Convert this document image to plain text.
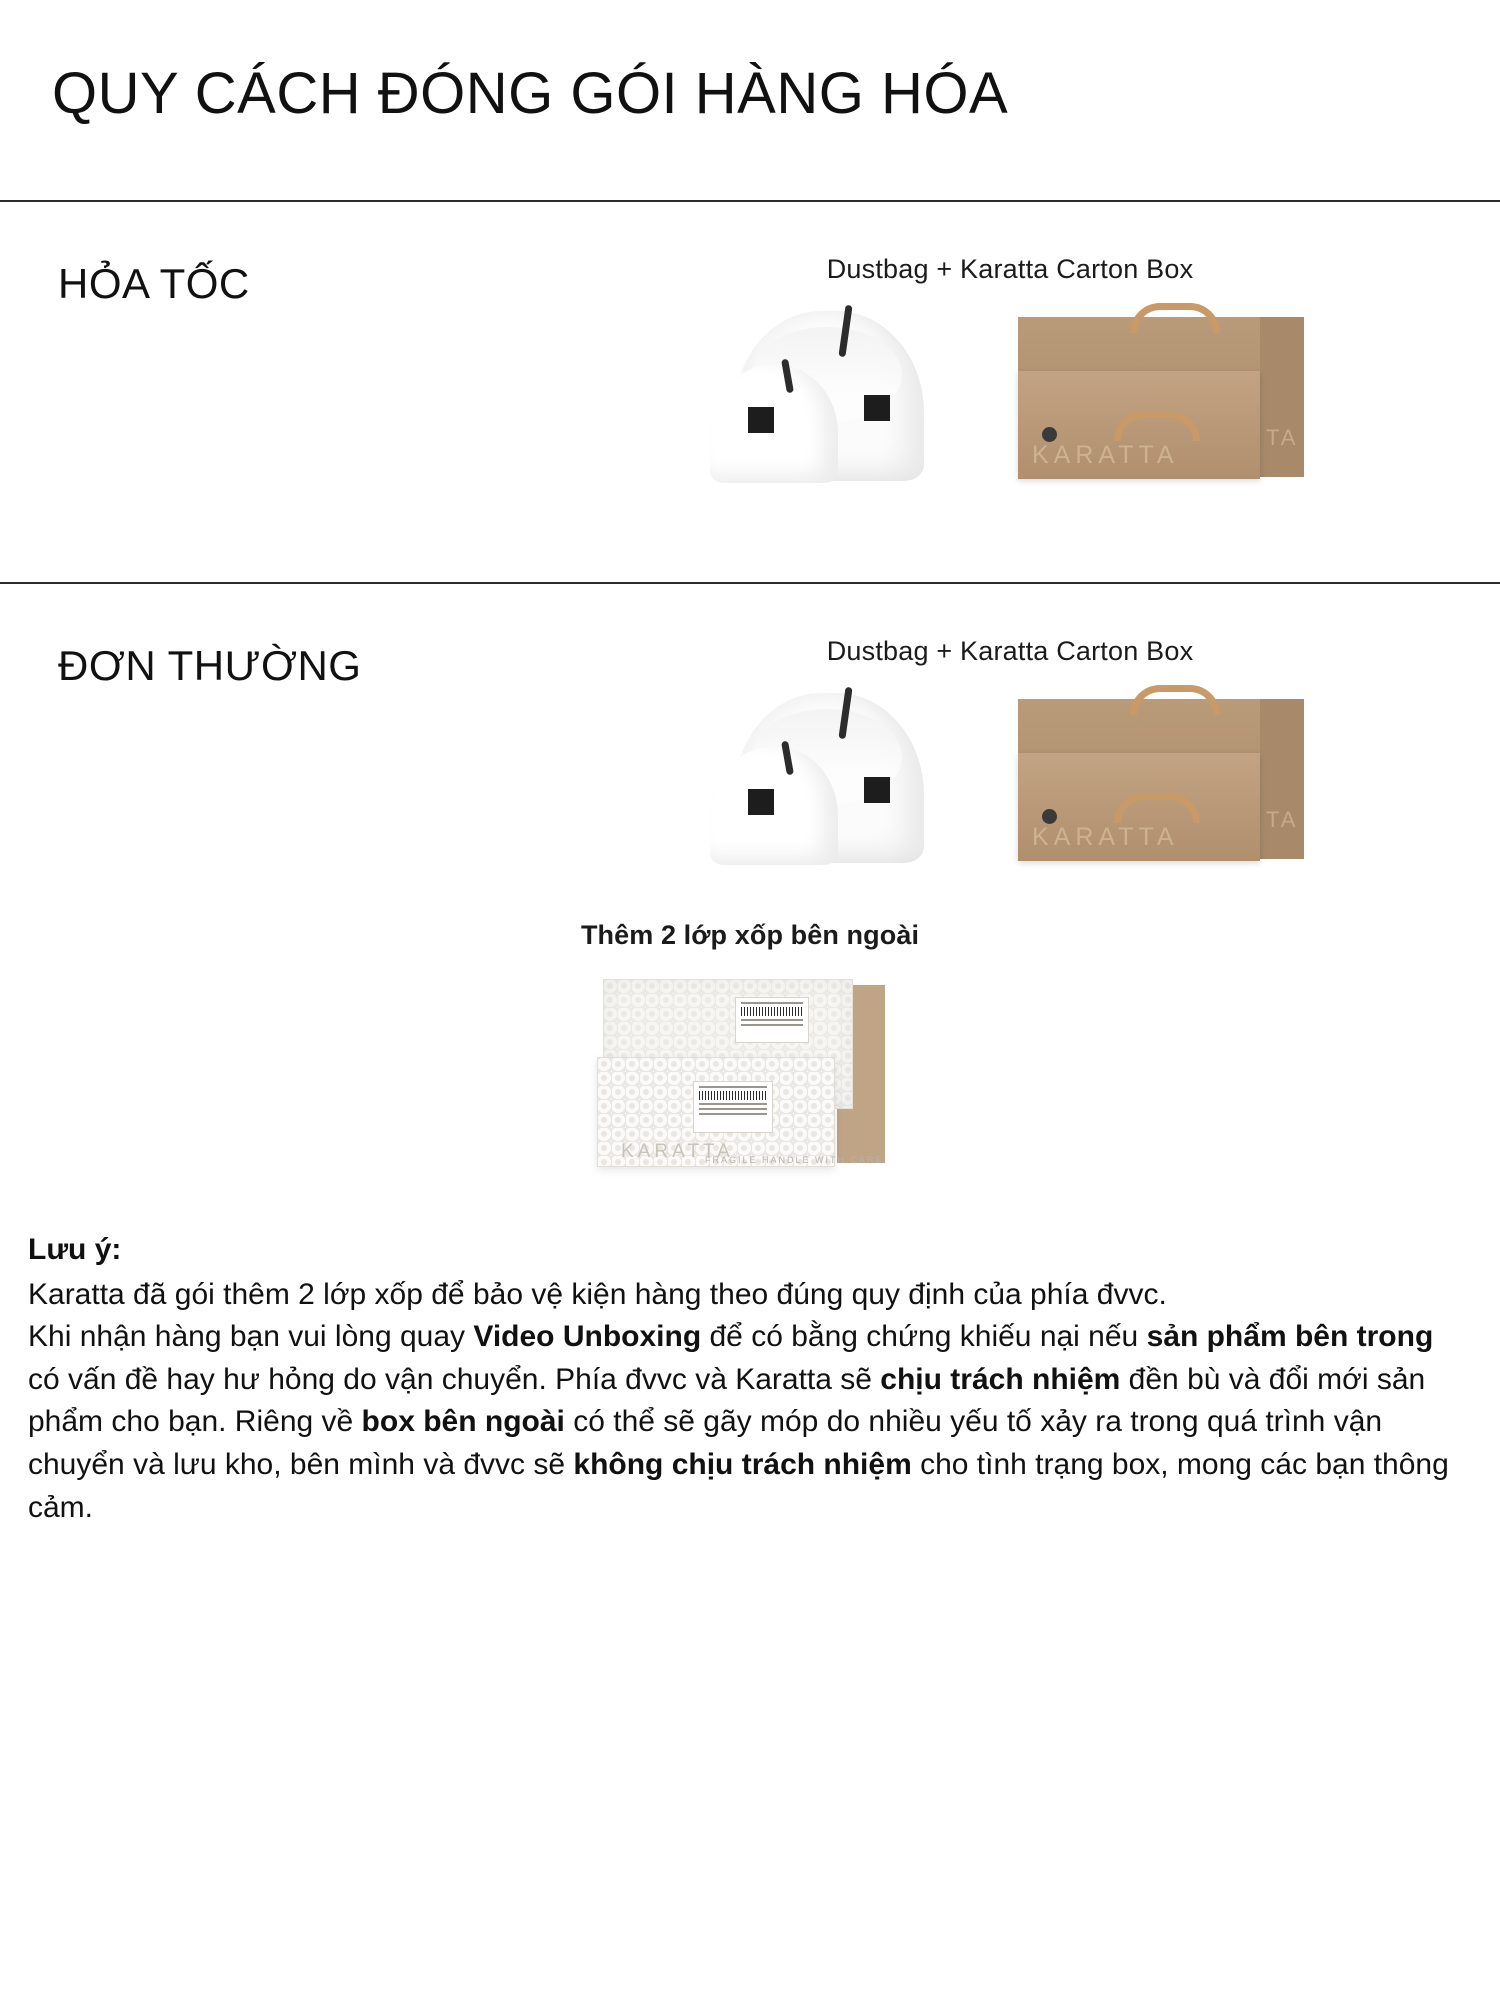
QUY CÁCH ĐÓNG GÓI HÀNG HÓA
HỎA TỐC	Dustbag + Karatta Carton Box
KARATTA
TA
ĐƠN THƯỜNG	Dustbag + Karatta Carton Box
KARATTA
TA
Thêm 2 lớp xốp bên ngoài
KARATTA
FRAGILE HANDLE WITH CARE
Lưu ý:

Karatta đã gói thêm 2 lớp xốp để bảo vệ kiện hàng theo đúng quy định của phía đvvc.

Khi nhận hàng bạn vui lòng quay Video Unboxing để có bằng chứng khiếu nại nếu sản phẩm bên trong có vấn đề hay hư hỏng do vận chuyển. Phía đvvc và Karatta sẽ chịu trách nhiệm đền bù và đổi mới sản phẩm cho bạn. Riêng về box bên ngoài có thể sẽ gãy móp do nhiều yếu tố xảy ra trong quá trình vận chuyển và lưu kho, bên mình và đvvc sẽ không chịu trách nhiệm cho tình trạng box, mong các bạn thông cảm.
